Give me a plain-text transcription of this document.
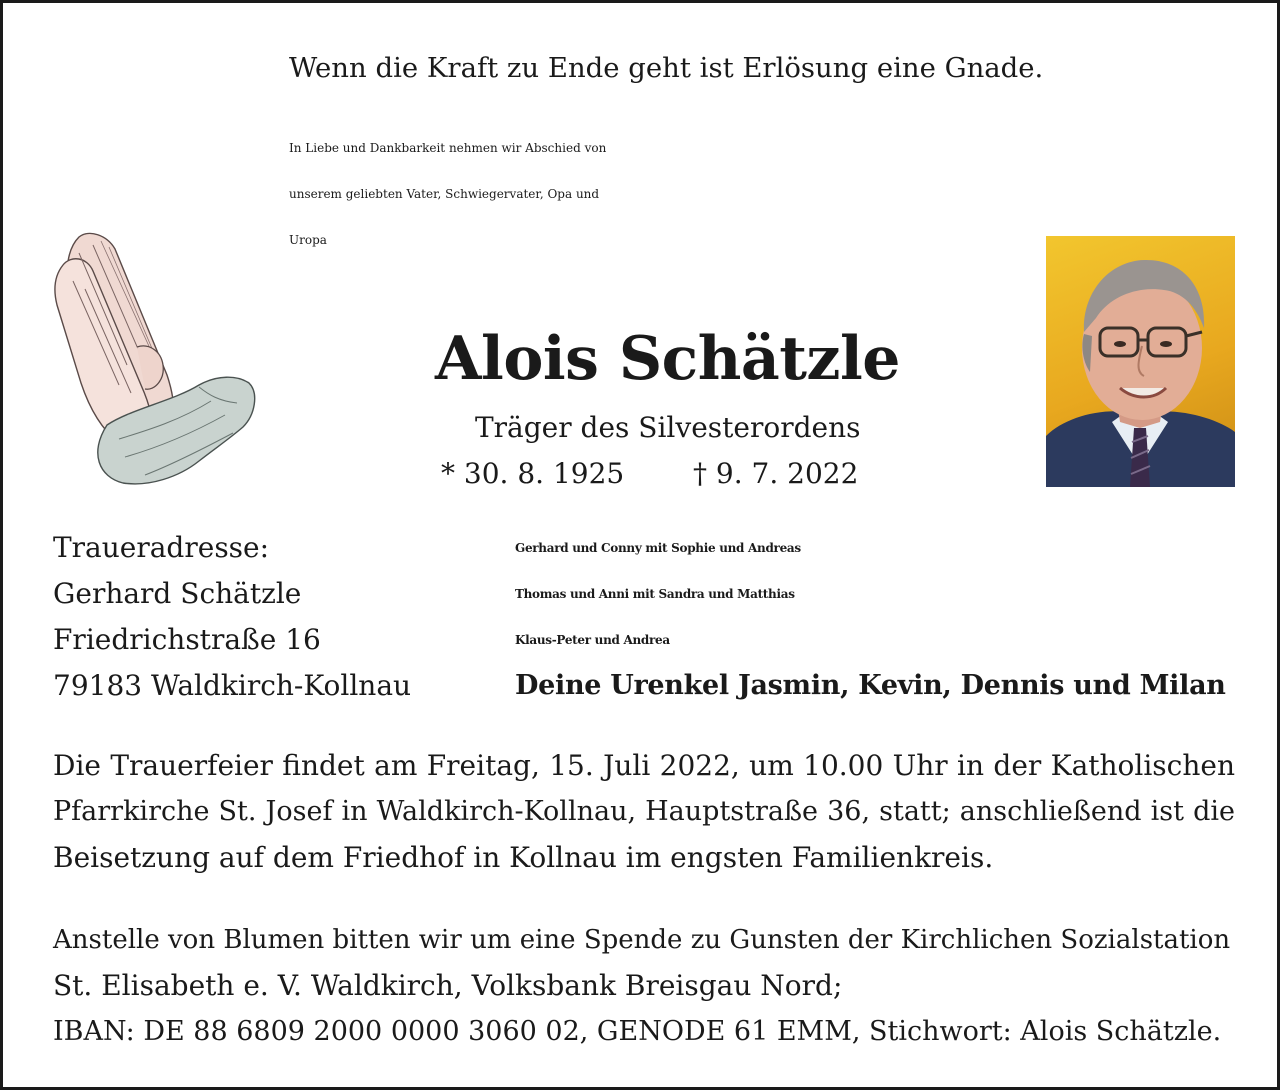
Wenn die Kraft zu Ende geht ist Erlösung eine Gnade.
In Liebe und Dankbarkeit nehmen wir Abschied von
unserem geliebten Vater, Schwiegervater, Opa und
Uropa
Alois Schätzle
Träger des Silvesterordens
* 30. 8. 1925 † 9. 7. 2022
Traueradresse:
Gerhard Schätzle
Friedrichstraße 16
79183 Waldkirch-Kollnau
Gerhard und Conny mit Sophie und Andreas
Thomas und Anni mit Sandra und Matthias
Klaus-Peter und Andrea
Deine Urenkel Jasmin, Kevin, Dennis und Milan
Die Trauerfeier findet am Freitag, 15. Juli 2022, um 10.00 Uhr in der Katholischen
Pfarrkirche St. Josef in Waldkirch-Kollnau, Hauptstraße 36, statt; anschließend ist die
Beisetzung auf dem Friedhof in Kollnau im engsten Familienkreis.
Anstelle von Blumen bitten wir um eine Spende zu Gunsten der Kirchlichen Sozialstation
St. Elisabeth e. V. Waldkirch, Volksbank Breisgau Nord;
IBAN: DE 88 6809 2000 0000 3060 02, GENODE 61 EMM, Stichwort: Alois Schätzle.
